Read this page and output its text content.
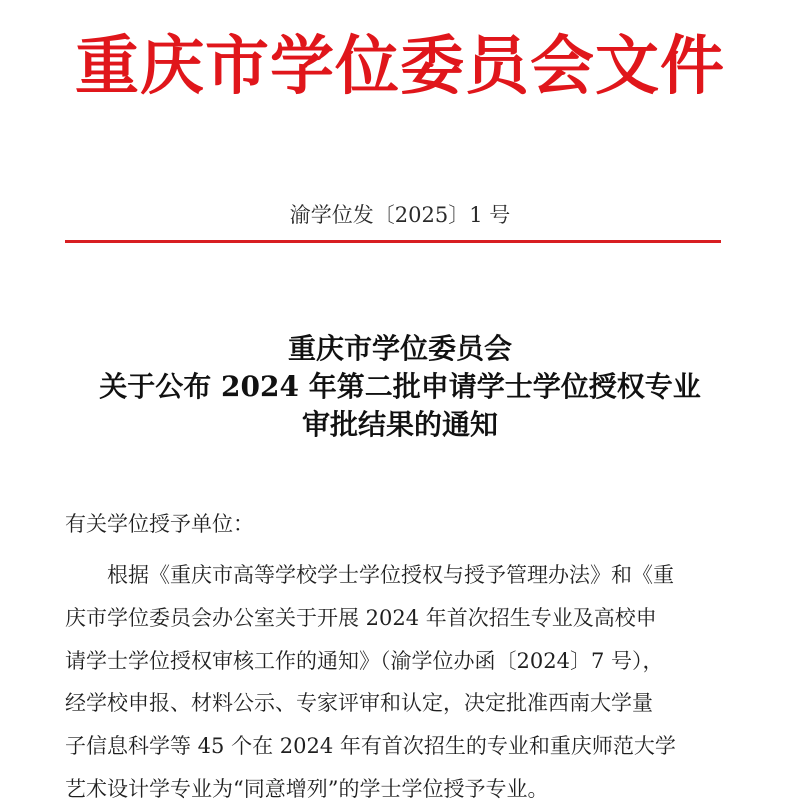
重庆市学位委员会文件
渝学位发〔2025〕1 号
重庆市学位委员会
关于公布 2024 年第二批申请学士学位授权专业
审批结果的通知
有关学位授予单位：
根据《重庆市高等学校学士学位授权与授予管理办法》和《重
庆市学位委员会办公室关于开展 2024 年首次招生专业及高校申
请学士学位授权审核工作的通知》（渝学位办函〔2024〕7 号），
经学校申报、材料公示、专家评审和认定，决定批准西南大学量
子信息科学等 45 个在 2024 年有首次招生的专业和重庆师范大学
艺术设计学专业为“同意增列”的学士学位授予专业。
